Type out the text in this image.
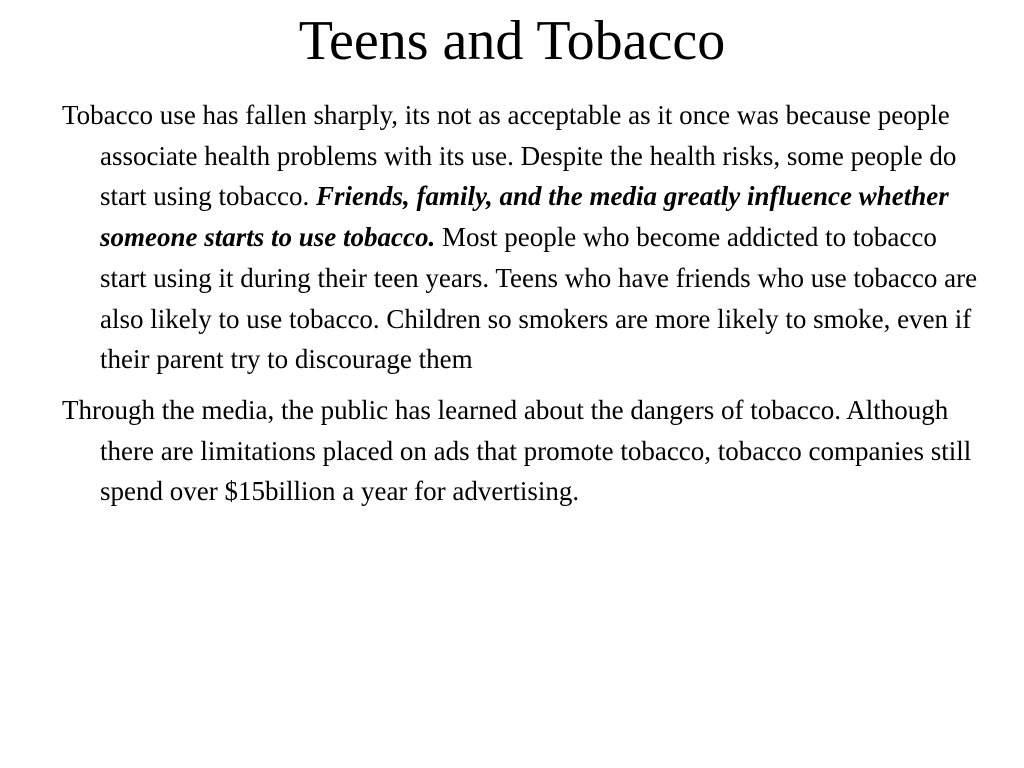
Teens and Tobacco

Tobacco use has fallen sharply, its not as acceptable as it once was because people associate health problems with its use. Despite the health risks, some people do start using tobacco. Friends, family, and the media greatly influence whether someone starts to use tobacco. Most people who become addicted to tobacco start using it during their teen years. Teens who have friends who use tobacco are also likely to use tobacco. Children so smokers are more likely to smoke, even if their parent try to discourage them

Through the media, the public has learned about the dangers of tobacco. Although there are limitations placed on ads that promote tobacco, tobacco companies still spend over $15billion a year for advertising.
